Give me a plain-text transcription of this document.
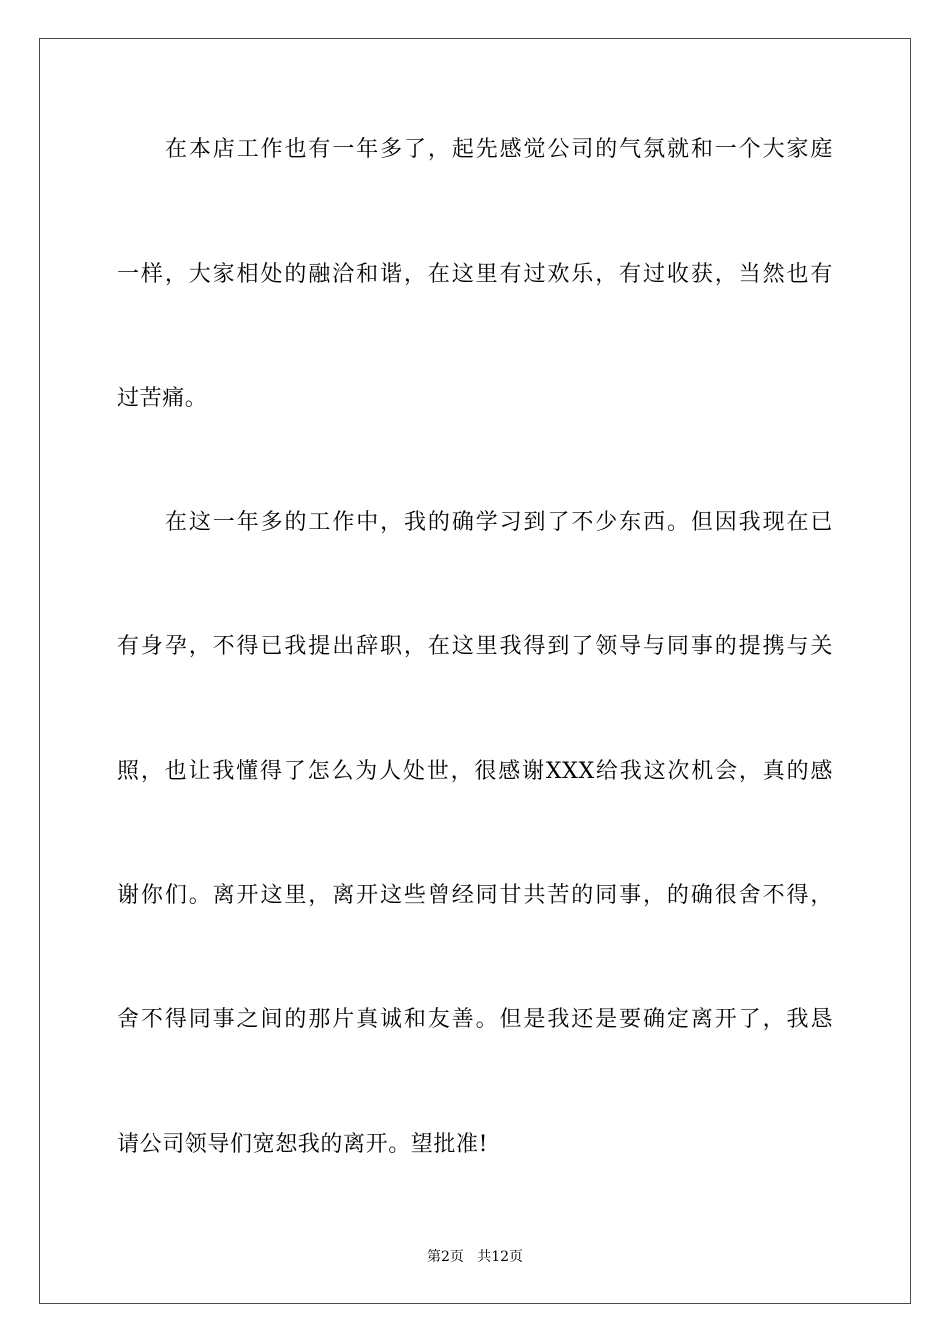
在本店工作也有一年多了，起先感觉公司的气氛就和一个大家庭
一样，大家相处的融洽和谐，在这里有过欢乐，有过收获，当然也有
过苦痛。
在这一年多的工作中，我的确学习到了不少东西。但因我现在已
有身孕，不得已我提出辞职，在这里我得到了领导与同事的提携与关
照，也让我懂得了怎么为人处世，很感谢XXX给我这次机会，真的感
谢你们。离开这里，离开这些曾经同甘共苦的同事，的确很舍不得，
舍不得同事之间的那片真诚和友善。但是我还是要确定离开了，我恳
请公司领导们宽恕我的离开。望批准!
第2页   共12页
